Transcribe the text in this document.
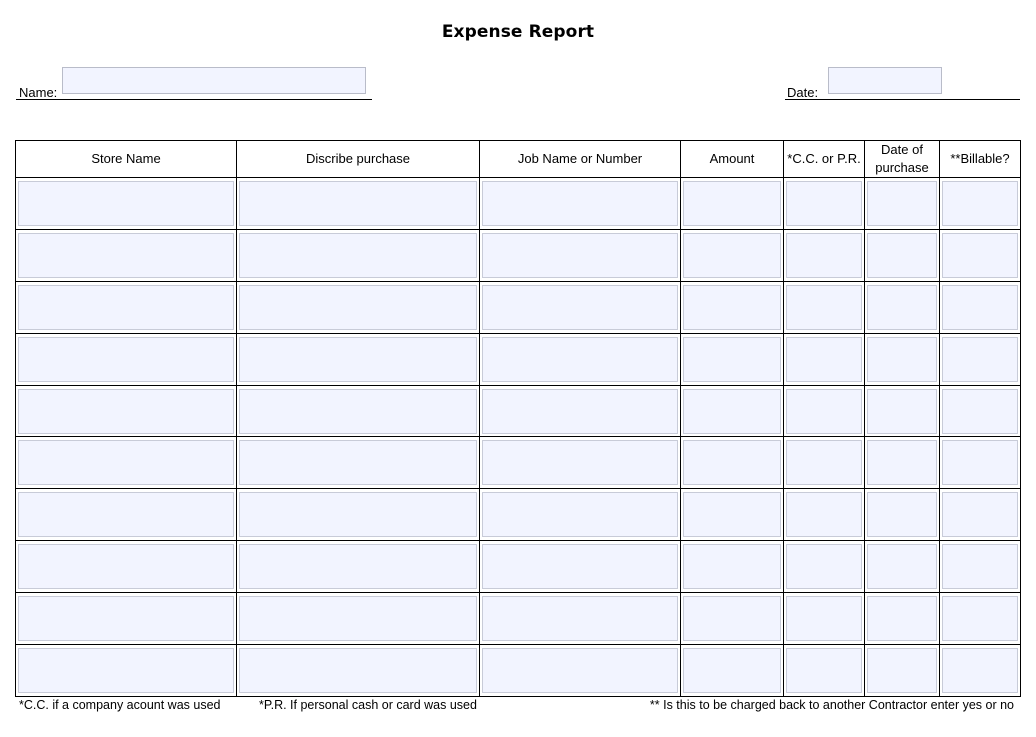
Expense Report
Name:	Date:
Store Name	Discribe purchase	Job Name or Number	Amount	*C.C. or P.R.	Date of purchase	**Billable?

*C.C. if a company acount was used	*P.R. If personal cash or card was used	** Is this to be charged back to another Contractor enter yes or no
